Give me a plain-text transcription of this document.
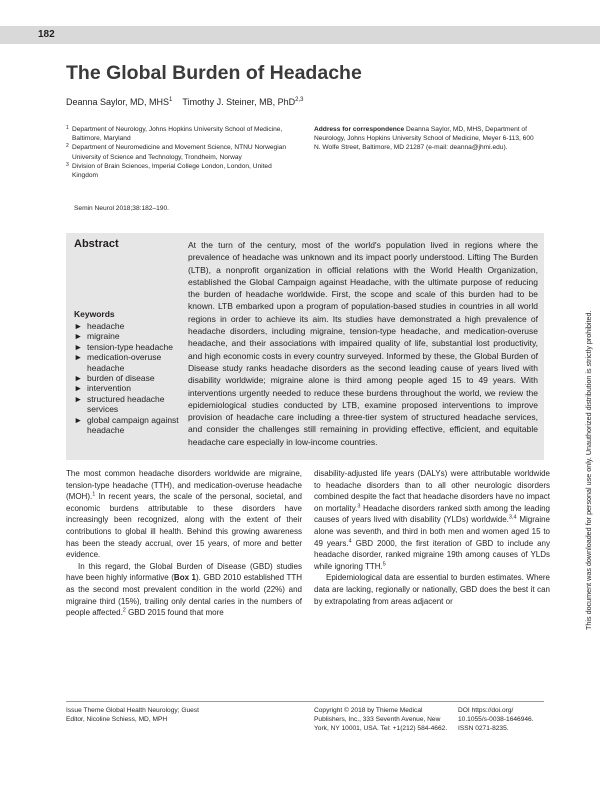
182
The Global Burden of Headache
Deanna Saylor, MD, MHS$^1$ Timothy J. Steiner, MB, PhD$^{2,3}$
1 Department of Neurology, Johns Hopkins University School of Medicine, Baltimore, Maryland
2 Department of Neuromedicine and Movement Science, NTNU Norwegian University of Science and Technology, Trondheim, Norway
3 Division of Brain Sciences, Imperial College London, London, United Kingdom
Address for correspondence Deanna Saylor, MD, MHS, Department of Neurology, Johns Hopkins University School of Medicine, Meyer 6-113, 600 N. Wolfe Street, Baltimore, MD 21287 (e-mail: deanna@jhmi.edu).
Semin Neurol 2018;38:182–190.
Abstract
Keywords
► headache
► migraine
► tension-type headache
► medication-overuse headache
► burden of disease
► intervention
► structured headache services
► global campaign against headache
At the turn of the century, most of the world's population lived in regions where the prevalence of headache was unknown and its impact poorly understood. Lifting The Burden (LTB), a nonprofit organization in official relations with the World Health Organization, established the Global Campaign against Headache, with the ultimate purpose of reducing the burden of headache worldwide. First, the scope and scale of this burden had to be known. LTB embarked upon a program of population-based studies in countries in all world regions in order to achieve its aim. Its studies have demonstrated a high prevalence of headache disorders, including migraine, tension-type headache, and medication-overuse headache, and their associations with impaired quality of life, substantial lost productivity, and high economic costs in every country surveyed. Informed by these, the Global Burden of Disease study ranks headache disorders as the second leading cause of years lived with disability worldwide; migraine alone is third among people aged 15 to 49 years. With interventions urgently needed to reduce these burdens throughout the world, we review the epidemiological studies conducted by LTB, examine proposed interventions to improve provision of headache care including a three-tier system of structured headache services, and consider the challenges still remaining in providing effective, efficient, and equitable headache care especially in low-income countries.

The most common headache disorders worldwide are migraine, tension-type headache (TTH), and medication-overuse headache (MOH).$^1$ In recent years, the scale of the personal, societal, and economic burdens attributable to these disorders have increasingly been recognized, along with the extent of their contributions to global ill health. Behind this growing awareness has been the steady accrual, over 15 years, of more and better evidence.

In this regard, the Global Burden of Disease (GBD) studies have been highly informative (Box 1). GBD 2010 established TTH as the second most prevalent condition in the world (22%) and migraine third (15%), trailing only dental caries in the numbers of people affected.$^2$ GBD 2015 found that more

disability-adjusted life years (DALYs) were attributable worldwide to headache disorders than to all other neurologic disorders combined despite the fact that headache disorders have no impact on mortality.$^3$ Headache disorders ranked sixth among the leading causes of years lived with disability (YLDs) worldwide.$^{3,4}$ Migraine alone was seventh, and third in both men and women aged 15 to 49 years.$^4$ GBD 2000, the first iteration of GBD to include any headache disorder, ranked migraine 19th among causes of YLDs while ignoring TTH.$^5$

Epidemiological data are essential to burden estimates. Where data are lacking, regionally or nationally, GBD does the best it can by extrapolating from areas adjacent or

Issue Theme Global Health Neurology; Guest Editor, Nicoline Schiess, MD, MPH
Copyright © 2018 by Thieme Medical Publishers, Inc., 333 Seventh Avenue, New York, NY 10001, USA. Tel: +1(212) 584-4662.
DOI https://doi.org/
10.1055/s-0038-1646946.
ISSN 0271-8235.
This document was downloaded for personal use only. Unauthorized distribution is strictly prohibited.
